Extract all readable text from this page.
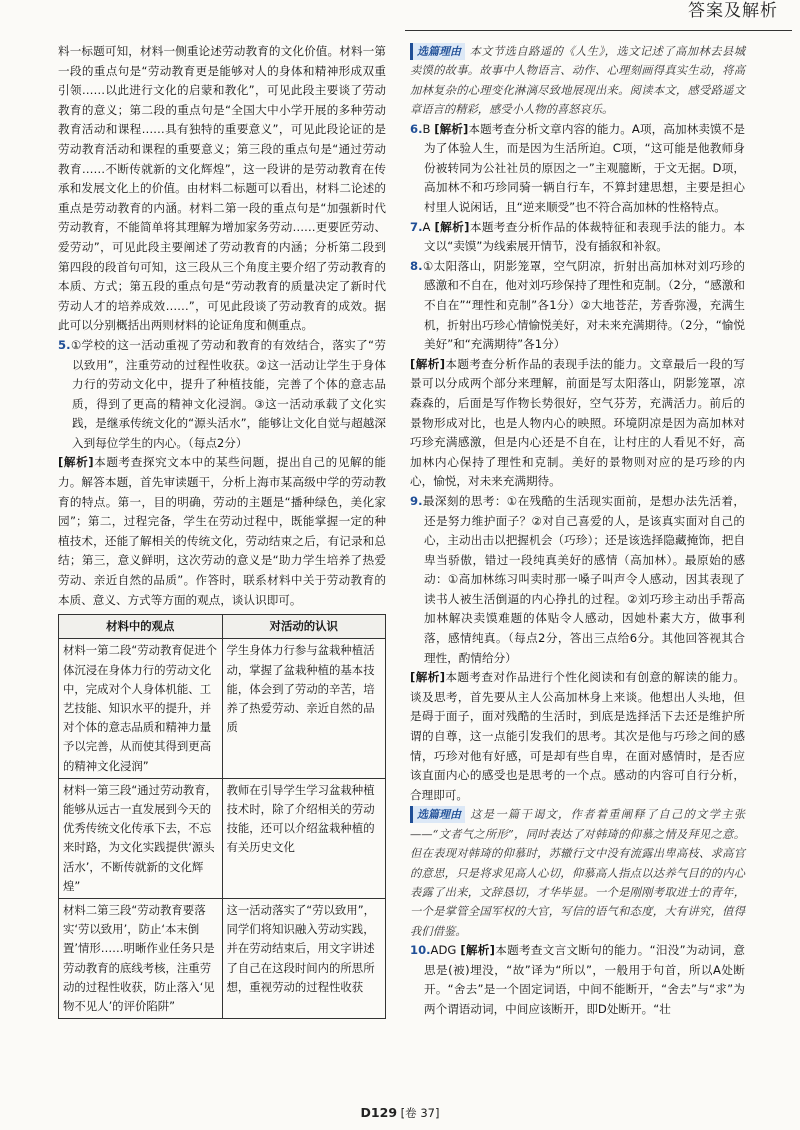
答案及解析

料一标题可知，材料一侧重论述劳动教育的文化价值。材料一第一段的重点句是“劳动教育更是能够对人的身体和精神形成双重引领……以此进行文化的启蒙和教化”，可见此段主要谈了劳动教育的意义；第二段的重点句是“全国大中小学开展的多种劳动教育活动和课程……具有独特的重要意义”，可见此段论证的是劳动教育活动和课程的重要意义；第三段的重点句是“通过劳动教育……不断传就新的文化辉煌”，这一段讲的是劳动教育在传承和发展文化上的价值。由材料二标题可以看出，材料二论述的重点是劳动教育的内涵。材料二第一段的重点句是“加强新时代劳动教育，不能简单将其理解为增加家务劳动……更要匠劳动、爱劳动”，可见此段主要阐述了劳动教育的内涵；分析第二段到第四段的段首句可知，这三段从三个角度主要介绍了劳动教育的本质、方式；第五段的重点句是“劳动教育的质量决定了新时代劳动人才的培养成效……”，可见此段谈了劳动教育的成效。据此可以分别概括出两则材料的论证角度和侧重点。

5.①学校的这一活动重视了劳动和教育的有效结合，落实了“劳以致用”，注重劳动的过程性收获。②这一活动让学生于身体力行的劳动文化中，提升了种植技能，完善了个体的意志品质，得到了更高的精神文化浸润。③这一活动承载了文化实践，是继承传统文化的“源头活水”，能够让文化自觉与超越深入到每位学生的内心。（每点2分）

[解析]本题考查探究文本中的某些问题，提出自己的见解的能力。解答本题，首先审读题干，分析上海市某高级中学的劳动教育的特点。第一，目的明确，劳动的主题是“播种绿色，美化家园”；第二，过程完备，学生在劳动过程中，既能掌握一定的种植技术，还能了解相关的传统文化，劳动结束之后，有记录和总结；第三，意义鲜明，这次劳动的意义是“助力学生培养了热爱劳动、亲近自然的品质”。作答时，联系材料中关于劳动教育的本质、意义、方式等方面的观点，谈认识即可。

材料中的观点	对活动的认识
材料一第二段“劳动教育促进个体沉浸在身体力行的劳动文化中，完成对个人身体机能、工艺技能、知识水平的提升，并对个体的意志品质和精神力量予以完善，从而使其得到更高的精神文化浸润”	学生身体力行参与盆栽种植活动，掌握了盆栽种植的基本技能，体会到了劳动的辛苦，培养了热爱劳动、亲近自然的品质
材料一第三段“通过劳动教育，能够从远古一直发展到今天的优秀传统文化传承下去，不忘来时路，为文化实践提供‘源头活水’，不断传就新的文化辉煌”	教师在引导学生学习盆栽种植技术时，除了介绍相关的劳动技能，还可以介绍盆栽种植的有关历史文化
材料二第三段“劳动教育要落实‘劳以致用’，防止‘本末倒置’情形……明晰作业任务只是劳动教育的底线考核，注重劳动的过程性收获，防止落入‘见物不见人’的评价陷阱”	这一活动落实了“劳以致用”，同学们将知识融入劳动实践，并在劳动结束后，用文字讲述了自己在这段时间内的所思所想，重视劳动的过程性收获

选篇理由 本文节选自路遥的《人生》，选文记述了高加林去县城卖馍的故事。故事中人物语言、动作、心理刻画得真实生动，将高加林复杂的心理变化淋漓尽致地展现出来。阅读本文，感受路遥文章语言的精彩，感受小人物的喜怒哀乐。

6.B [解析]本题考查分析文章内容的能力。A项，高加林卖馍不是为了体验人生，而是因为生活所迫。C项，“这可能是他教师身份被转同为公社社员的原因之一”主观臆断，于文无据。D项，高加林不和巧珍同骑一辆自行车，不算封建思想，主要是担心村里人说闲话，且“逆来顺受”也不符合高加林的性格特点。

7.A [解析]本题考查分析作品的体裁特征和表现手法的能力。本文以“卖馍”为线索展开情节，没有插叙和补叙。

8.①太阳落山，阴影笼罩，空气阴凉，折射出高加林对刘巧珍的感激和不自在，他对刘巧珍保持了理性和克制。（2分，“感激和不自在”“理性和克制”各1分）②大地苍茫，芳香弥漫，充满生机，折射出巧珍心情愉悦美好，对未来充满期待。（2分，“愉悦美好”和“充满期待”各1分）

[解析]本题考查分析作品的表现手法的能力。文章最后一段的写景可以分成两个部分来理解，前面是写太阳落山，阴影笼罩，凉森森的，后面是写作物长势很好，空气芬芳，充满活力。前后的景物形成对比，也是人物内心的映照。环境阴凉是因为高加林对巧珍充满感激，但是内心还是不自在，让村庄的人看见不好，高加林内心保持了理性和克制。美好的景物则对应的是巧珍的内心，愉悦，对未来充满期待。

9.最深刻的思考：①在残酷的生活现实面前，是想办法先活着，还是努力维护面子？②对自己喜爱的人，是该真实面对自己的心，主动出击以把握机会（巧珍）；还是该选择隐藏掩饰，把自卑当骄傲，错过一段纯真美好的感情（高加林）。最原始的感动：①高加林练习叫卖时那一嗓子叫声令人感动，因其表现了读书人被生活倒逼的内心挣扎的过程。②刘巧珍主动出手帮高加林解决卖馍难题的体贴令人感动，因她朴素大方，做事利落，感情纯真。（每点2分，答出三点给6分。其他回答视其合理性，酌情给分）

[解析]本题考查对作品进行个性化阅读和有创意的解读的能力。谈及思考，首先要从主人公高加林身上来谈。他想出人头地，但是碍于面子，面对残酷的生活时，到底是选择活下去还是维护所谓的自尊，这一点能引发我们的思考。其次是他与巧珍之间的感情，巧珍对他有好感，可是却有些自卑，在面对感情时，是否应该直面内心的感受也是思考的一个点。感动的内容可自行分析，合理即可。

选篇理由 这是一篇干谒文，作者着重阐释了自己的文学主张——“文者气之所形”，同时表达了对韩琦的仰慕之情及拜见之意。但在表现对韩琦的仰慕时，苏辙行文中没有流露出卑高枝、求高官的意思，只是将求见高人心切，仰慕高人指点以达养气目的的内心表露了出来，文辞恳切，才华毕显。一个是刚刚考取进士的青年，一个是掌管全国军权的大官，写信的语气和态度，大有讲究，值得我们借鉴。

10.ADG [解析]本题考查文言文断句的能力。“汨没”为动词，意思是(被)埋没，“故”译为“所以”，一般用于句首，所以A处断开。“舍去”是一个固定词语，中间不能断开，“舍去”与“求”为两个谓语动词，中间应该断开，即D处断开。“壮

D129 [卷 37]
